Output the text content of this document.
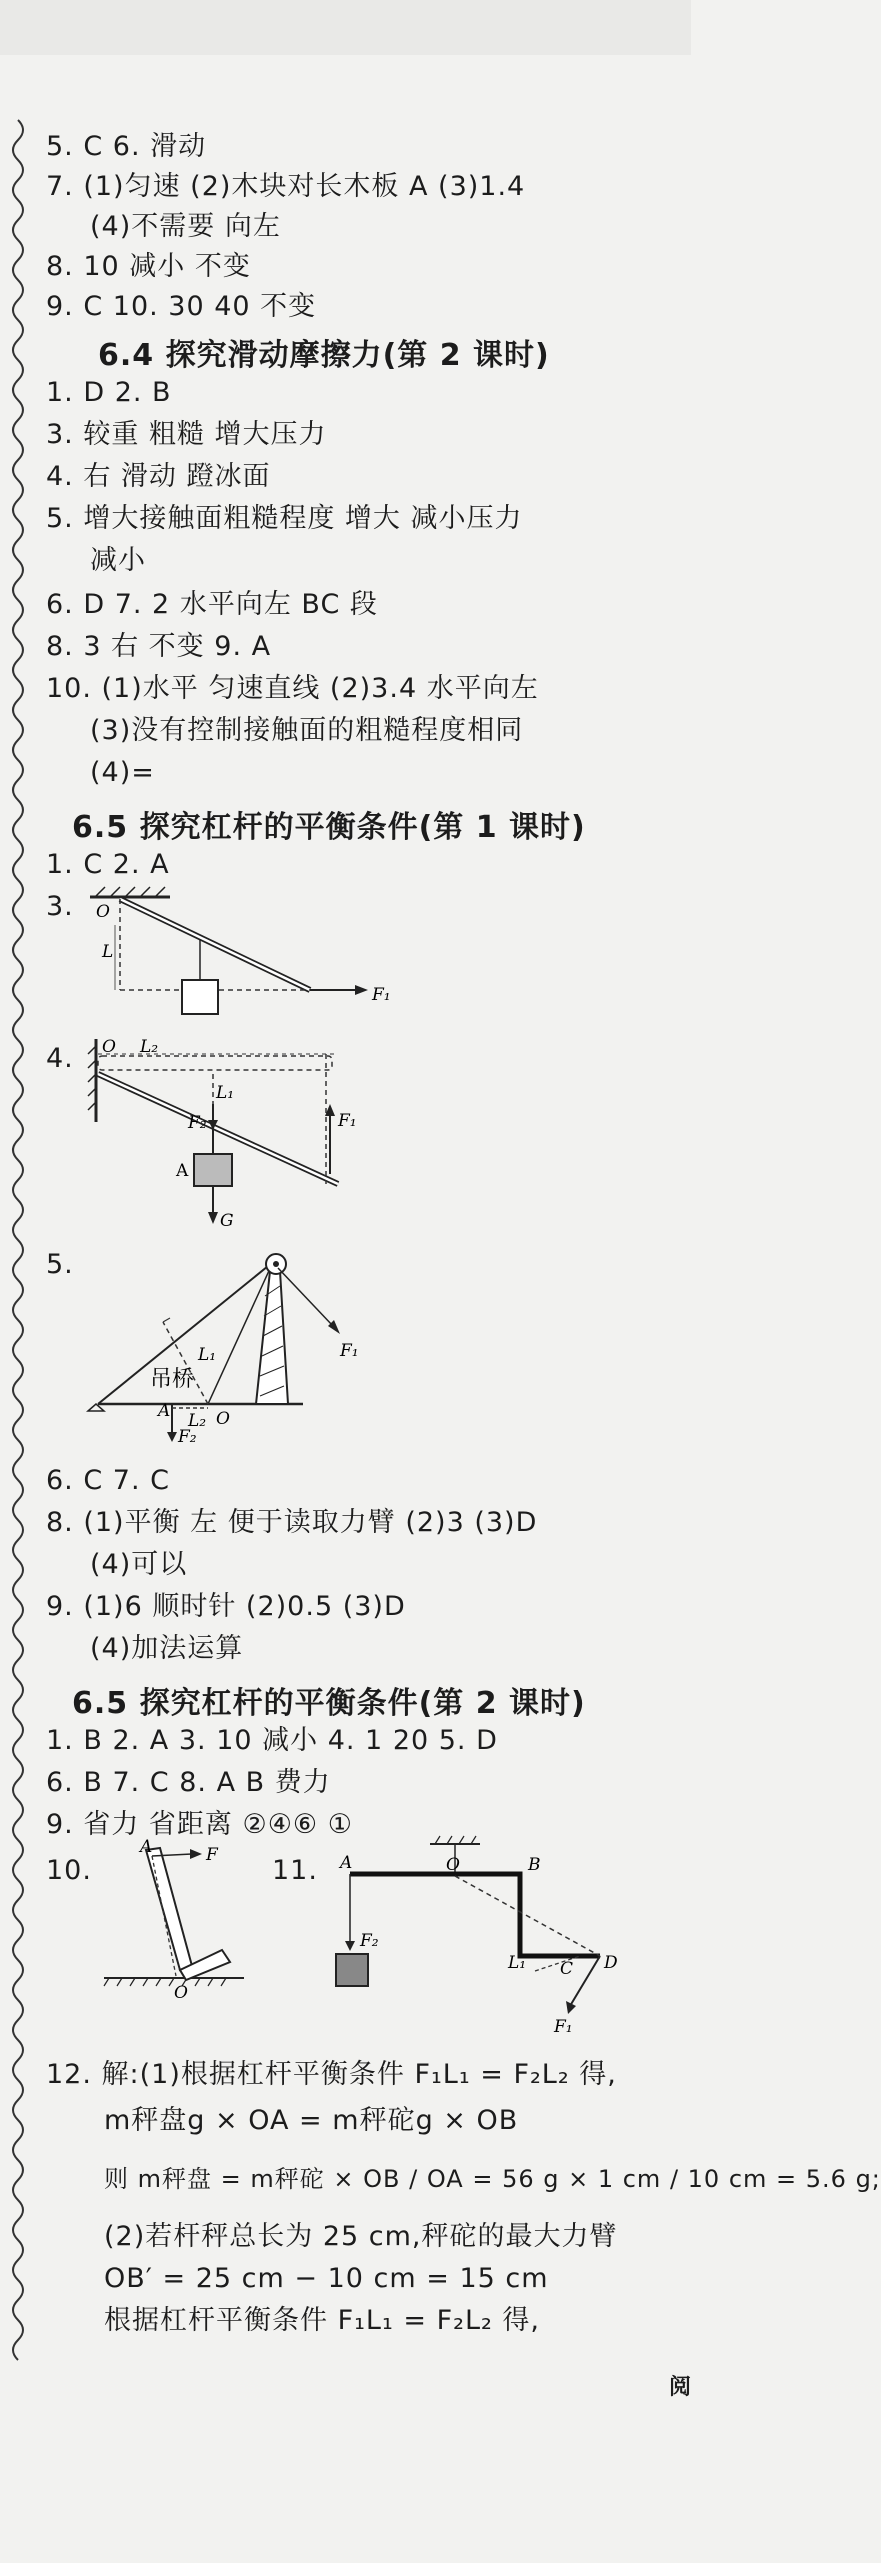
5. C 6. 滑动
7. (1)匀速 (2)木块对长木板 A (3)1.4
(4)不需要 向左
8. 10 减小 不变
9. C 10. 30 40 不变
6.4 探究滑动摩擦力(第 2 课时)
1. D 2. B
3. 较重 粗糙 增大压力
4. 右 滑动 蹬冰面
5. 增大接触面粗糙程度 增大 减小压力
减小
6. D 7. 2 水平向左 BC 段
8. 3 右 不变 9. A
10. (1)水平 匀速直线 (2)3.4 水平向左
(3)没有控制接触面的粗糙程度相同
(4)=
6.5 探究杠杆的平衡条件(第 1 课时)
1. C 2. A
3. O
L
F₁
4. O L₂
L₁
F₁
F₂
A
G
5.
吊桥
L₁
L₂
F₁
F₂
A	O
6. C 7. C
8. (1)平衡 左 便于读取力臂 (2)3 (3)D
(4)可以
9. (1)6 顺时针 (2)0.5 (3)D
(4)加法运算
6.5 探究杠杆的平衡条件(第 2 课时)
1. B 2. A 3. 10 减小 4. 1 20 5. D
6. B 7. C 8. A B 费力
9. 省力 省距离 ②④⑥ ①
10.
A	F
O
11. A	O	B
C D
L₁
F₁
F₂
12. 解:(1)根据杠杆平衡条件 F₁L₁ = F₂L₂ 得,
m秤盘g × OA = m秤砣g × OB
则 m秤盘 = m秤砣 × OB / OA = 56 g × 1 cm / 10 cm = 5.6 g;
(2)若杆秤总长为 25 cm,秤砣的最大力臂
OB′ = 25 cm − 10 cm = 15 cm
根据杠杆平衡条件 F₁L₁ = F₂L₂ 得,
阅
